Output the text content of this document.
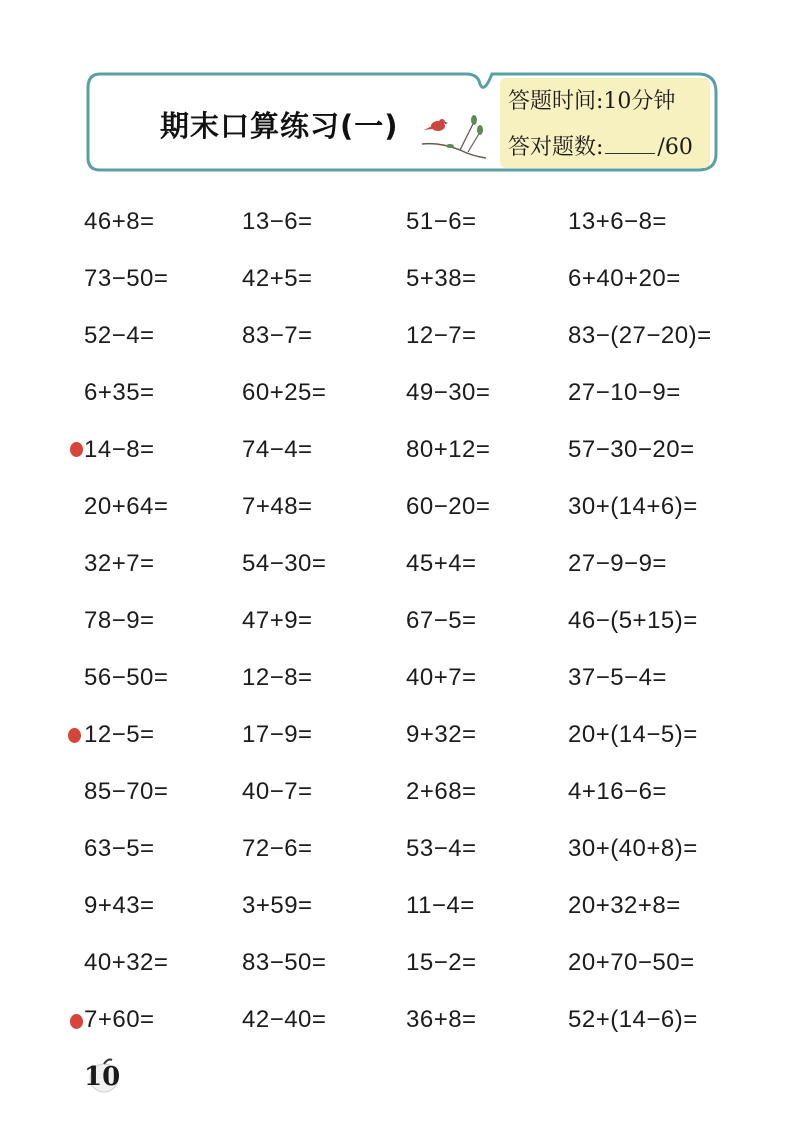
期末口算练习(一)
答题时间:10分钟
答对题数: /60
46+8=
73−50=
52−4=
6+35=
14−8=
20+64=
32+7=
78−9=
56−50=
12−5=
85−70=
63−5=
9+43=
40+32=
7+60=
13−6=
42+5=
83−7=
60+25=
74−4=
7+48=
54−30=
47+9=
12−8=
17−9=
40−7=
72−6=
3+59=
83−50=
42−40=
51−6=
5+38=
12−7=
49−30=
80+12=
60−20=
45+4=
67−5=
40+7=
9+32=
2+68=
53−4=
11−4=
15−2=
36+8=
13+6−8=
6+40+20=
83−(27−20)=
27−10−9=
57−30−20=
30+(14+6)=
27−9−9=
46−(5+15)=
37−5−4=
20+(14−5)=
4+16−6=
30+(40+8)=
20+32+8=
20+70−50=
52+(14−6)=
10
